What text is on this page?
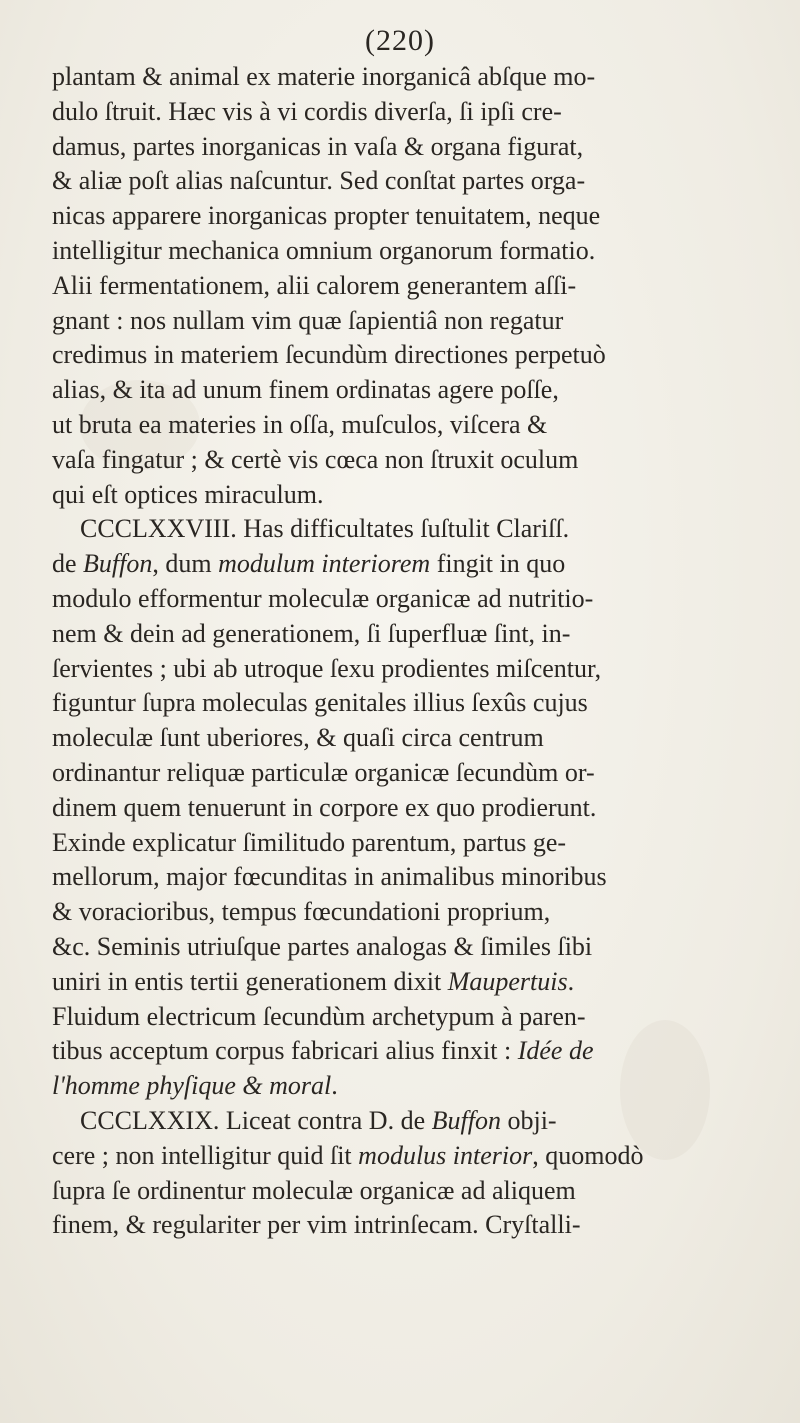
(220)
plantam & animal ex materie inorganicâ abſque mo-
dulo ſtruit. Hæc vis à vi cordis diverſa, ſi ipſi cre-
damus, partes inorganicas in vaſa & organa figurat,
& aliæ poſt alias naſcuntur. Sed conſtat partes orga-
nicas apparere inorganicas propter tenuitatem, neque
intelligitur mechanica omnium organorum formatio.
Alii fermentationem, alii calorem generantem aſſi-
gnant : nos nullam vim quæ ſapientiâ non regatur
credimus in materiem ſecundùm directiones perpetuò
alias, & ita ad unum finem ordinatas agere poſſe,
ut bruta ea materies in oſſa, muſculos, viſcera &
vaſa fingatur ; & certè vis cœca non ſtruxit oculum
qui eſt optices miraculum.
CCCLXXVIII. Has difficultates ſuſtulit Clariſſ.
de Buffon, dum modulum interiorem fingit in quo
modulo efformentur moleculæ organicæ ad nutritio-
nem & dein ad generationem, ſi ſuperfluæ ſint, in-
ſervientes ; ubi ab utroque ſexu prodientes miſcentur,
figuntur ſupra moleculas genitales illius ſexûs cujus
moleculæ ſunt uberiores, & quaſi circa centrum
ordinantur reliquæ particulæ organicæ ſecundùm or-
dinem quem tenuerunt in corpore ex quo prodierunt.
Exinde explicatur ſimilitudo parentum, partus ge-
mellorum, major fœcunditas in animalibus minoribus
& voracioribus, tempus fœcundationi proprium,
&c. Seminis utriuſque partes analogas & ſimiles ſibi
uniri in entis tertii generationem dixit Maupertuis.
Fluidum electricum ſecundùm archetypum à paren-
tibus acceptum corpus fabricari alius finxit : Idée de
l'homme phyſique & moral.
CCCLXXIX. Liceat contra D. de Buffon obji-
cere ; non intelligitur quid ſit modulus interior, quomodò
ſupra ſe ordinentur moleculæ organicæ ad aliquem
finem, & regulariter per vim intrinſecam. Cryſtalli-
